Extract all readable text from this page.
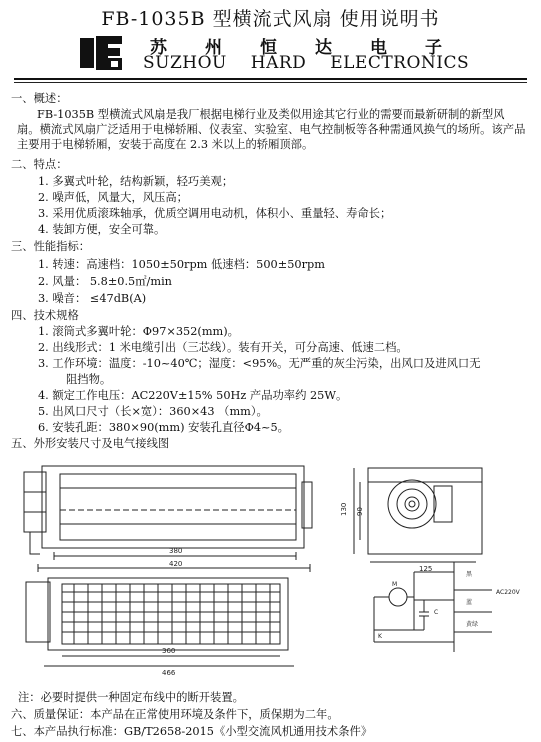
FB-1035B 型横流式风扇 使用说明书
苏州恒达电子
SUZHOU HARD ELECTRONICS
一、概述：
FB-1035B 型横流式风扇是我厂根据电梯行业及类似用途其它行业的需要而最新研制的新型风扇。横流式风扇广泛适用于电梯轿厢、仪表室、实验室、电气控制板等各种需通风换气的场所。该产品主要用于电梯轿厢，安装于高度在 2.3 米以上的轿厢顶部。
二、特点：
1. 多翼式叶轮，结构新颖，轻巧美观；
2. 噪声低，风量大，风压高；
3. 采用优质滚珠轴承，优质空调用电动机，体积小、重量轻、寿命长；
4. 装卸方便，安全可靠。
三、性能指标：
1. 转速：高速档：1050±50rpm 低速档：500±50rpm
2. 风量： 5.8±0.5㎡/min
3. 噪音： ≤47dB(A)
四、技术规格
1. 滚筒式多翼叶轮：Φ97×352(mm)。
2. 出线形式：1 米电缆引出（三芯线）。装有开关，可分高速、低速二档。
3. 工作环境：温度：-10~40℃；湿度：<95%。无严重的灰尘污染，出风口及进风口无
阻挡物。
4. 额定工作电压：AC220V±15% 50Hz 产品功率约 25W。
5. 出风口尺寸（长×宽）：360×43 （mm）。
6. 安装孔距：380×90(mm) 安装孔直径Φ4~5。
五、外形安装尺寸及电气接线图
380
420
130 90
125
360
466
M
C
K
黑
蓝
黄绿
AC220V
注：必要时提供一种固定布线中的断开装置。
六、质量保证：本产品在正常使用环境及条件下，质保期为二年。
七、本产品执行标准：GB/T2658-2015《小型交流风机通用技术条件》
